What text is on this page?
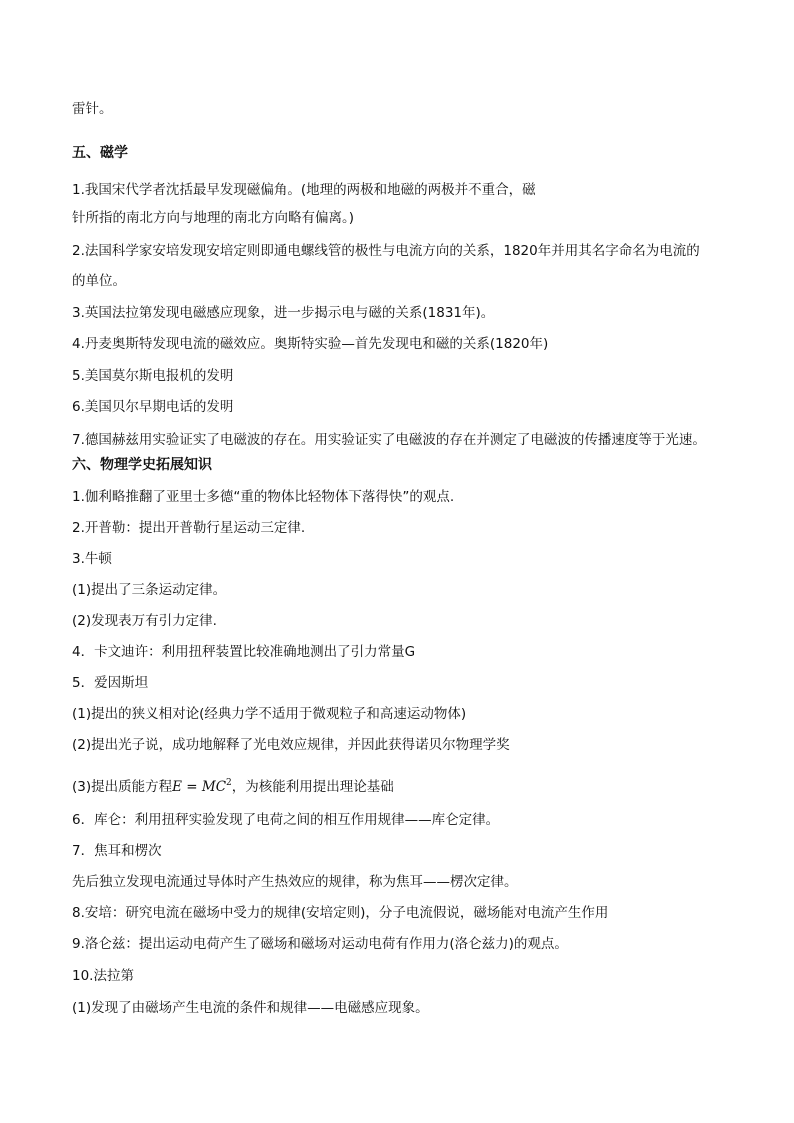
雷针。
五、磁学
1.我国宋代学者沈括最早发现磁偏角。(地理的两极和地磁的两极并不重合，磁
针所指的南北方向与地理的南北方向略有偏离。)
2.法国科学家安培发现安培定则即通电螺线管的极性与电流方向的关系，1820年并用其名字命名为电流的
的单位。
3.英国法拉第发现电磁感应现象，进一步揭示电与磁的关系(1831年)。
4.丹麦奥斯特发现电流的磁效应。奥斯特实验—首先发现电和磁的关系(1820年)
5.美国莫尔斯电报机的发明
6.美国贝尔早期电话的发明
7.德国赫兹用实验证实了电磁波的存在。用实验证实了电磁波的存在并测定了电磁波的传播速度等于光速。
六、物理学史拓展知识
1.伽利略推翻了亚里士多德“重的物体比轻物体下落得快”的观点.
2.开普勒：提出开普勒行星运动三定律.
3.牛顿
(1)提出了三条运动定律。
(2)发现表万有引力定律.
4．卡文迪许：利用扭秤装置比较准确地测出了引力常量G
5．爱因斯坦
(1)提出的狭义相对论(经典力学不适用于微观粒子和高速运动物体)
(2)提出光子说，成功地解释了光电效应规律，并因此获得诺贝尔物理学奖
(3)提出质能方程$E = MC^2$，为核能利用提出理论基础
6．库仑：利用扭秤实验发现了电荷之间的相互作用规律——库仑定律。
7．焦耳和楞次
先后独立发现电流通过导体时产生热效应的规律，称为焦耳——楞次定律。
8.安培：研究电流在磁场中受力的规律(安培定则)，分子电流假说，磁场能对电流产生作用
9.洛仑兹：提出运动电荷产生了磁场和磁场对运动电荷有作用力(洛仑兹力)的观点。
10.法拉第
(1)发现了由磁场产生电流的条件和规律——电磁感应现象。
